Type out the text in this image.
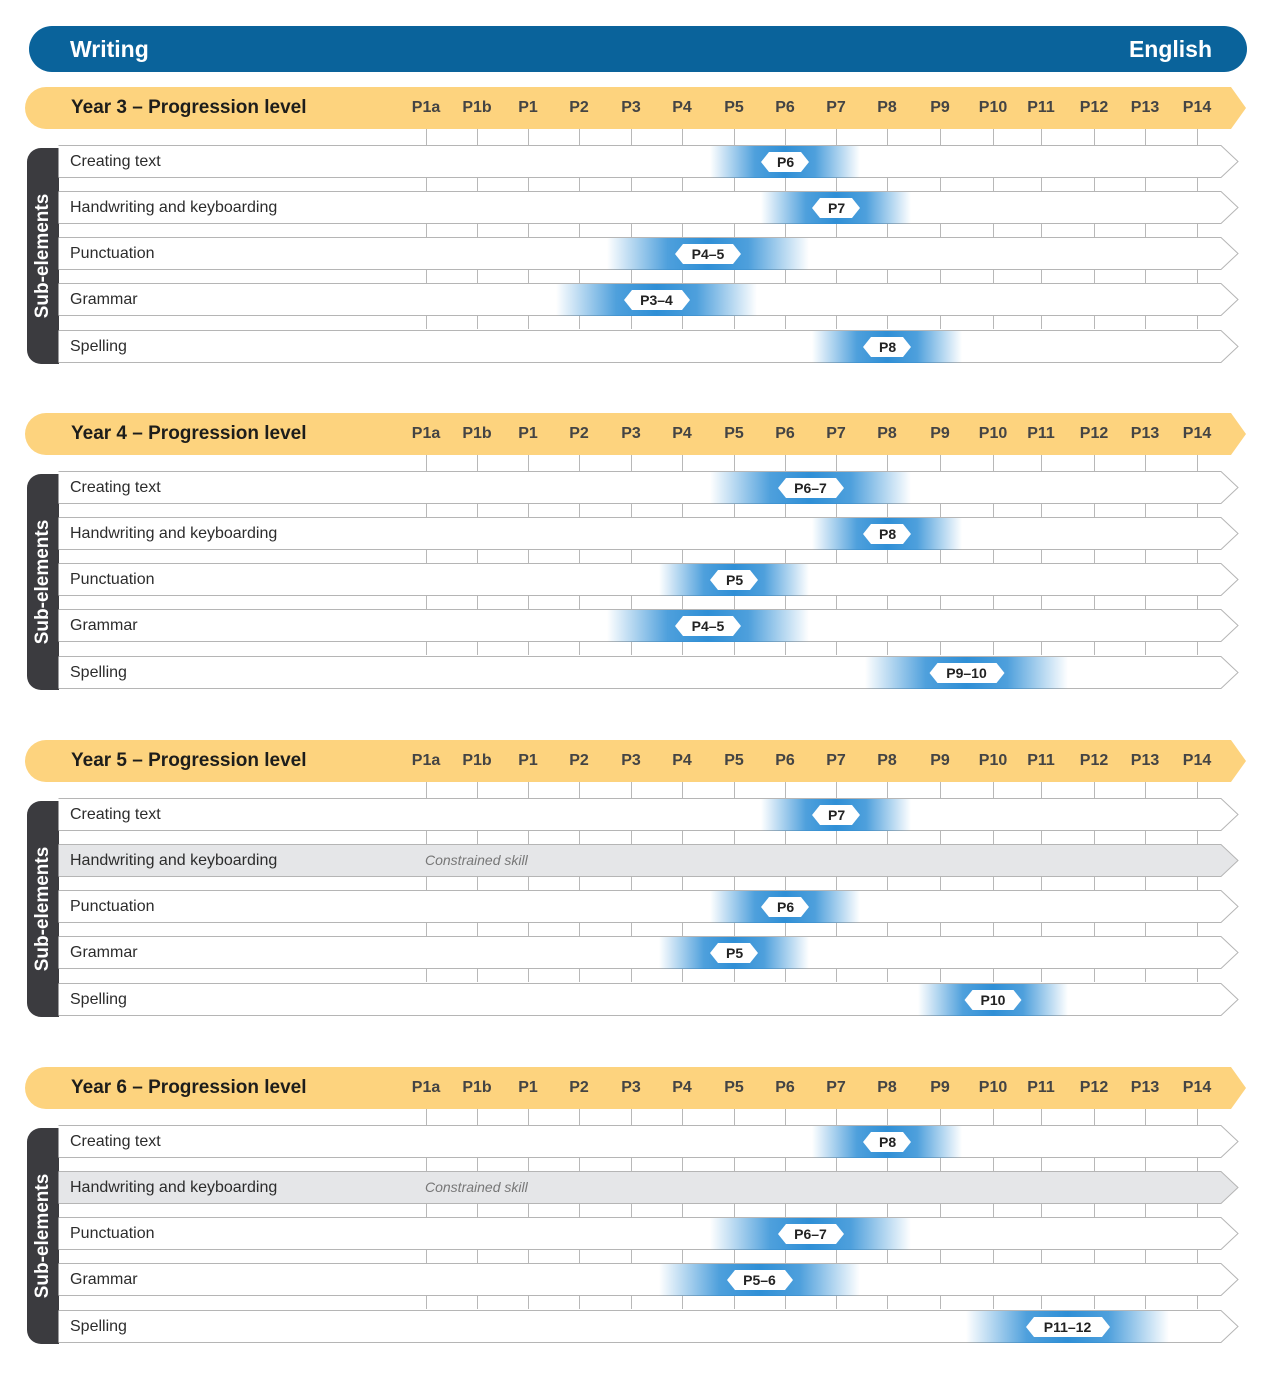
Writing	English
Year 3 – Progression level	P1a	P1b	P1	P2	P3	P4	P5	P6	P7	P8	P9	P10	P11	P12	P13	P14
Sub-elements
Creating text	P6
Handwriting and keyboarding	P7
Punctuation	P4–5
Grammar	P3–4
Spelling	P8
Year 4 – Progression level	P1a	P1b	P1	P2	P3	P4	P5	P6	P7	P8	P9	P10	P11	P12	P13	P14
Sub-elements
Creating text	P6–7
Handwriting and keyboarding	P8
Punctuation	P5
Grammar	P4–5
Spelling	P9–10
Year 5 – Progression level	P1a	P1b	P1	P2	P3	P4	P5	P6	P7	P8	P9	P10	P11	P12	P13	P14
Sub-elements
Creating text	P7
Handwriting and keyboarding	Constrained skill
Punctuation	P6
Grammar	P5
Spelling	P10
Year 6 – Progression level	P1a	P1b	P1	P2	P3	P4	P5	P6	P7	P8	P9	P10	P11	P12	P13	P14
Sub-elements
Creating text	P8
Handwriting and keyboarding	Constrained skill
Punctuation	P6–7
Grammar	P5–6
Spelling	P11–12
